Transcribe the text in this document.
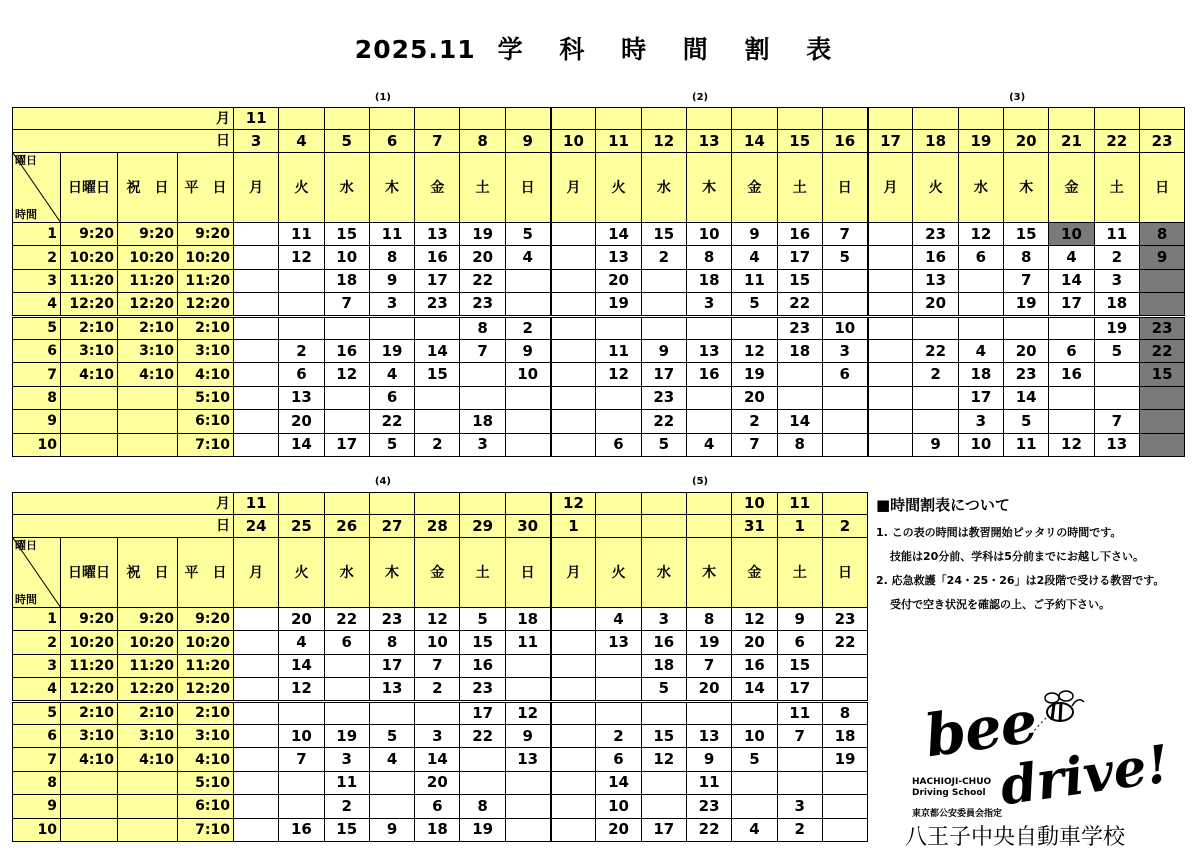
2025.11 学 科 時 間 割 表
月				11																				
日				3	4	5	6	7	8	9	10	11	12	13	14	15	16	17	18	19	20	21	22	23

曜日
時間	日曜日	祝　日	平　日	月	火	水	木	金	土	日	月	火	水	木	金	土	日	月	火	水	木	金	土	日
1	9:20	9:20	9:20		11	15	11	13	19	5		14	15	10	9	16	7		23	12	15	10	11	8
2	10:20	10:20	10:20		12	10	8	16	20	4		13	2	8	4	17	5		16	6	8	4	2	9
3	11:20	11:20	11:20			18	9	17	22			20		18	11	15			13		7	14	3	
4	12:20	12:20	12:20			7	3	23	23			19		3	5	22			20		19	17	18	
5	2:10	2:10	2:10						8	2						23	10						19	23
6	3:10	3:10	3:10		2	16	19	14	7	9		11	9	13	12	18	3		22	4	20	6	5	22
7	4:10	4:10	4:10		6	12	4	15		10		12	17	16	19		6		2	18	23	16		15
8			5:10		13		6						23		20					17	14			
9			6:10		20		22		18				22		2	14				3	5		7	
10			7:10		14	17	5	2	3			6	5	4	7	8			9	10	11	12	13	
(1)	(2)	(3)
月				11							12				10	11	
日				24	25	26	27	28	29	30	1				31	1	2

曜日
時間	日曜日	祝　日	平　日	月	火	水	木	金	土	日	月	火	水	木	金	土	日
1	9:20	9:20	9:20		20	22	23	12	5	18		4	3	8	12	9	23
2	10:20	10:20	10:20		4	6	8	10	15	11		13	16	19	20	6	22
3	11:20	11:20	11:20		14		17	7	16				18	7	16	15	
4	12:20	12:20	12:20		12		13	2	23				5	20	14	17	
5	2:10	2:10	2:10						17	12						11	8
6	3:10	3:10	3:10		10	19	5	3	22	9		2	15	13	10	7	18
7	4:10	4:10	4:10		7	3	4	14		13		6	12	9	5		19
8			5:10			11		20				14		11			
9			6:10			2		6	8			10		23		3	
10			7:10		16	15	9	18	19			20	17	22	4	2	
(4)	(5)
■時間割表について
1. この表の時間は教習開始ピッタリの時間です。
技能は20分前、学科は5分前までにお越し下さい。
2. 応急救護「24・25・26」は2段階で受ける教習です。
受付で空き状況を確認の上、ご予約下さい。
bee
drive!
HACHIOJI-CHUO
Driving School
東京都公安委員会指定
八王子中央自動車学校
